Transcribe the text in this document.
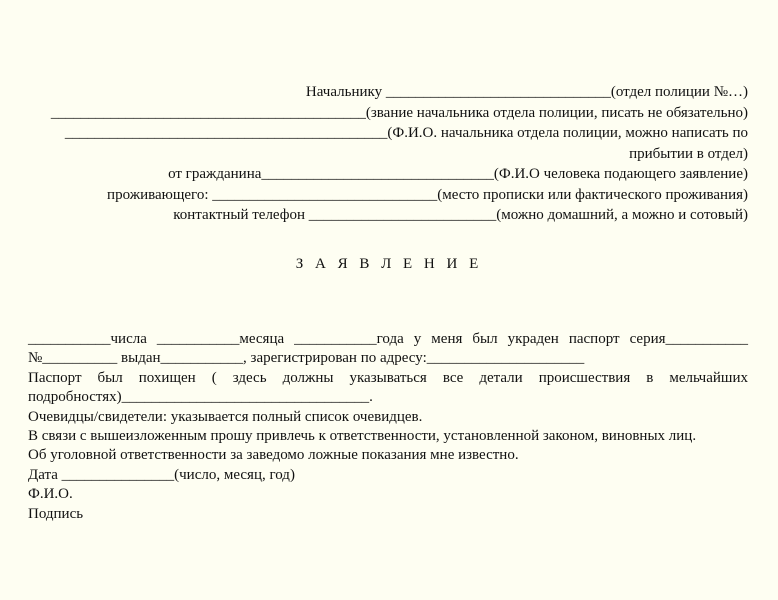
Начальнику ______________________________(отдел полиции №…)
__________________________________________(звание начальника отдела полиции, писать не обязательно)
___________________________________________(Ф.И.О. начальника отдела полиции, можно написать по
прибытии в отдел)
от гражданина_______________________________(Ф.И.О человека подающего заявление)
проживающего: ______________________________(место прописки или фактического проживания)
контактный телефон _________________________(можно домашний, а можно и сотовый)
З А Я В Л Е Н И Е
___________числа ___________месяца ___________года у меня был украден паспорт серия___________
№__________ выдан___________, зарегистрирован по адресу:_____________________
Паспорт был похищен ( здесь должны указываться все детали происшествия в мельчайших
подробностях)_________________________________.
Очевидцы/свидетели: указывается полный список очевидцев.
В связи с вышеизложенным прошу привлечь к ответственности, установленной законом, виновных лиц.
Об уголовной ответственности за заведомо ложные показания мне известно.
Дата _______________(число, месяц, год)
Ф.И.О.
Подпись
